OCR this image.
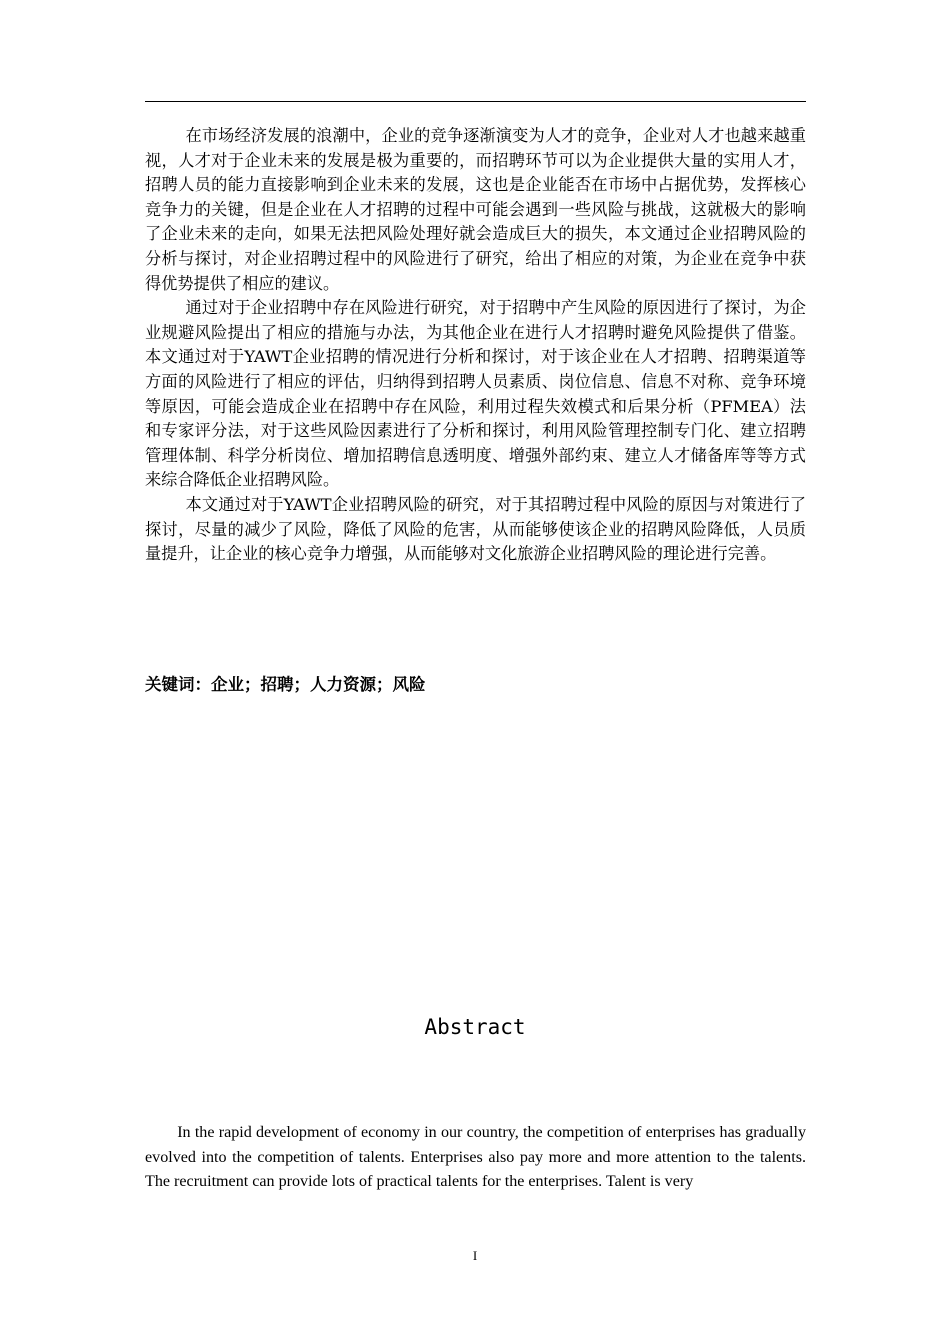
在市场经济发展的浪潮中，企业的竞争逐渐演变为人才的竞争，企业对人才也越来越重视，人才对于企业未来的发展是极为重要的，而招聘环节可以为企业提供大量的实用人才，招聘人员的能力直接影响到企业未来的发展，这也是企业能否在市场中占据优势，发挥核心竞争力的关键，但是企业在人才招聘的过程中可能会遇到一些风险与挑战，这就极大的影响了企业未来的走向，如果无法把风险处理好就会造成巨大的损失，本文通过企业招聘风险的分析与探讨，对企业招聘过程中的风险进行了研究，给出了相应的对策，为企业在竞争中获得优势提供了相应的建议。

通过对于企业招聘中存在风险进行研究，对于招聘中产生风险的原因进行了探讨，为企业规避风险提出了相应的措施与办法，为其他企业在进行人才招聘时避免风险提供了借鉴。本文通过对于YAWT企业招聘的情况进行分析和探讨，对于该企业在人才招聘、招聘渠道等方面的风险进行了相应的评估，归纳得到招聘人员素质、岗位信息、信息不对称、竞争环境等原因，可能会造成企业在招聘中存在风险，利用过程失效模式和后果分析（PFMEA）法和专家评分法，对于这些风险因素进行了分析和探讨，利用风险管理控制专门化、建立招聘管理体制、科学分析岗位、增加招聘信息透明度、增强外部约束、建立人才储备库等等方式来综合降低企业招聘风险。

本文通过对于YAWT企业招聘风险的研究，对于其招聘过程中风险的原因与对策进行了探讨，尽量的减少了风险，降低了风险的危害，从而能够使该企业的招聘风险降低，人员质量提升，让企业的核心竞争力增强，从而能够对文化旅游企业招聘风险的理论进行完善。

关键词：企业；招聘；人力资源；风险
Abstract

In the rapid development of economy in our country, the competition of enterprises has gradually evolved into the competition of talents. Enterprises also pay more and more attention to the talents. The recruitment can provide lots of practical talents for the enterprises. Talent is very

I
